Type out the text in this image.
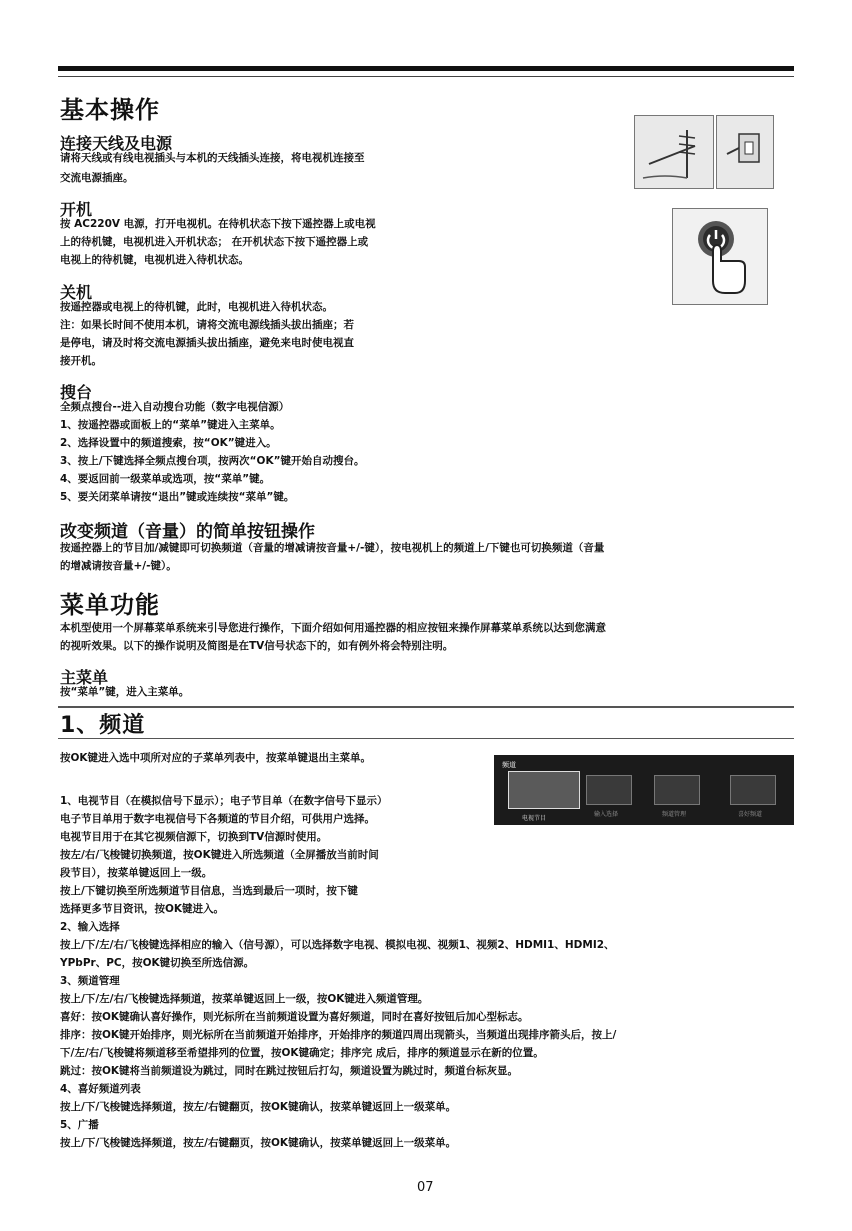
基本操作
连接天线及电源
请将天线或有线电视插头与本机的天线插头连接，将电视机连接至
交流电源插座。
开机
按 AC220V 电源，打开电视机。在待机状态下按下遥控器上或电视
上的待机键，电视机进入开机状态； 在开机状态下按下遥控器上或
电视上的待机键，电视机进入待机状态。
关机
按遥控器或电视上的待机键，此时，电视机进入待机状态。
注：如果长时间不使用本机，请将交流电源线插头拔出插座；若
是停电，请及时将交流电源插头拔出插座，避免来电时使电视直
接开机。
搜台
全频点搜台--进入自动搜台功能（数字电视信源）
1、按遥控器或面板上的“菜单”键进入主菜单。
2、选择设置中的频道搜索，按“OK”键进入。
3、按上/下键选择全频点搜台项，按两次“OK”键开始自动搜台。
4、要返回前一级菜单或选项，按“菜单”键。
5、要关闭菜单请按“退出”键或连续按“菜单”键。
改变频道（音量）的简单按钮操作
按遥控器上的节目加/减键即可切换频道（音量的增减请按音量+/-键），按电视机上的频道上/下键也可切换频道（音量
的增减请按音量+/-键）。
菜单功能
本机型使用一个屏幕菜单系统来引导您进行操作，下面介绍如何用遥控器的相应按钮来操作屏幕菜单系统以达到您满意
的视听效果。以下的操作说明及简图是在TV信号状态下的，如有例外将会特别注明。
主菜单
按“菜单”键，进入主菜单。
1、频道
按OK键进入选中项所对应的子菜单列表中，按菜单键退出主菜单。
1、电视节目（在模拟信号下显示）；电子节目单（在数字信号下显示）
电子节目单用于数字电视信号下各频道的节目介绍，可供用户选择。
电视节目用于在其它视频信源下，切换到TV信源时使用。
按左/右/飞梭键切换频道，按OK键进入所选频道（全屏播放当前时间
段节目），按菜单键返回上一级。
按上/下键切换至所选频道节目信息，当选到最后一项时，按下键
选择更多节目资讯，按OK键进入。
2、输入选择
按上/下/左/右/飞梭键选择相应的输入（信号源），可以选择数字电视、模拟电视、视频1、视频2、HDMI1、HDMI2、
YPbPr、PC，按OK键切换至所选信源。
3、频道管理
按上/下/左/右/飞梭键选择频道，按菜单键返回上一级，按OK键进入频道管理。
喜好：按OK键确认喜好操作，则光标所在当前频道设置为喜好频道，同时在喜好按钮后加心型标志。
排序：按OK键开始排序，则光标所在当前频道开始排序，开始排序的频道四周出现箭头，当频道出现排序箭头后，按上/
下/左/右/飞梭键将频道移至希望排列的位置，按OK键确定；排序完 成后，排序的频道显示在新的位置。
跳过：按OK键将当前频道设为跳过，同时在跳过按钮后打勾，频道设置为跳过时，频道台标灰显。
4、喜好频道列表
按上/下/飞梭键选择频道，按左/右键翻页，按OK键确认，按菜单键返回上一级菜单。
5、广播
按上/下/飞梭键选择频道，按左/右键翻页，按OK键确认，按菜单键返回上一级菜单。
频道
电视节目
输入选择	频道管理	喜好频道
07
